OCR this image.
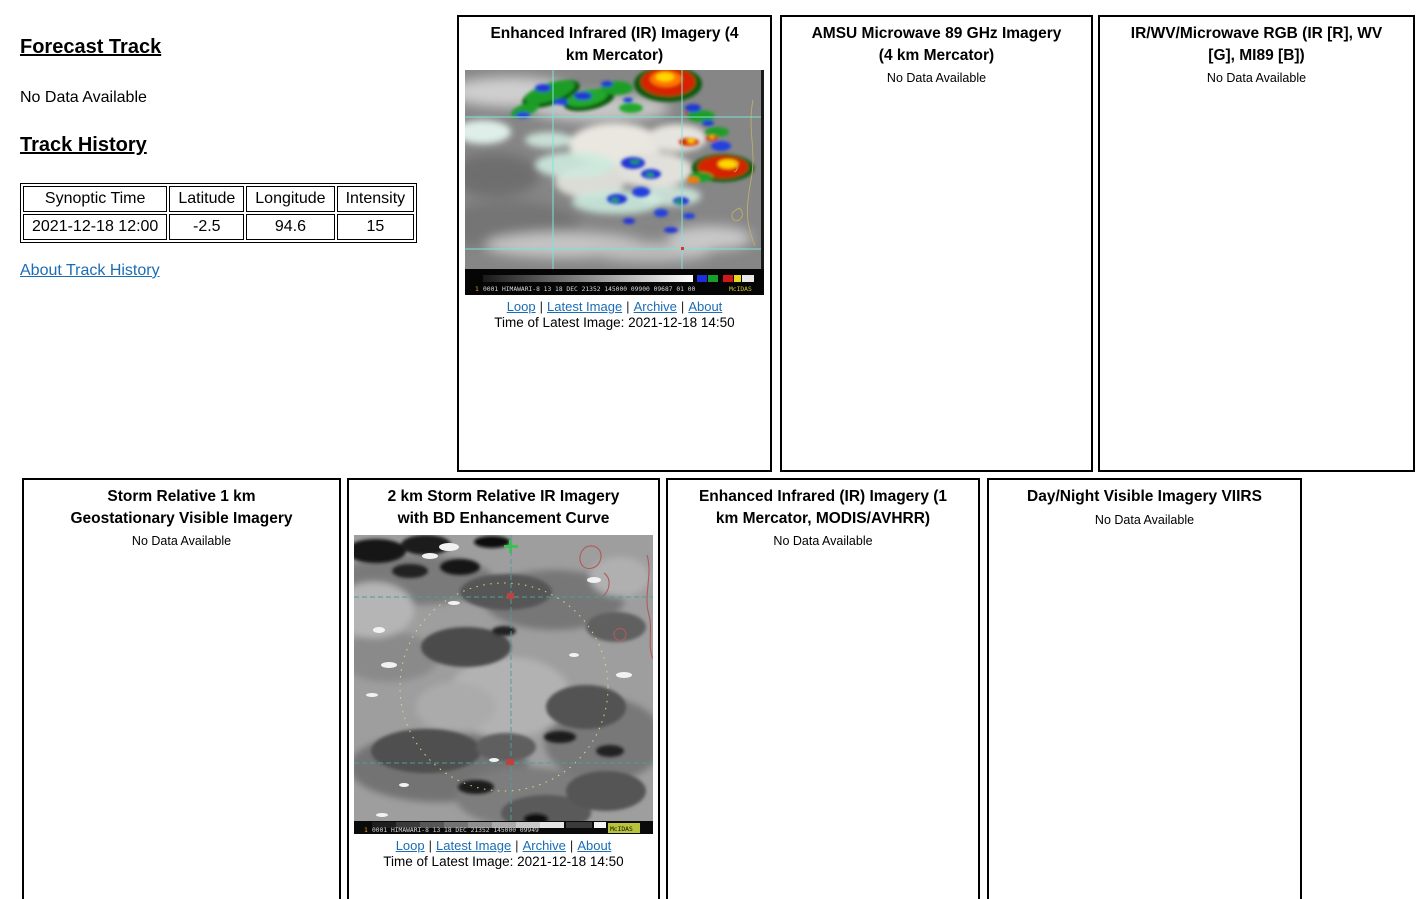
Forecast Track
No Data Available
Track History
Synoptic Time	Latitude	Longitude	Intensity
2021-12-18 12:00	-2.5	94.6	15
About Track History
Enhanced Infrared (IR) Imagery (4
km Mercator)
0
1 0001 HIMAWARI-8 13 18 DEC 21352 145000 09900 09687 01 00	McIDAS
Loop | Latest Image | Archive | About
Time of Latest Image: 2021-12-18 14:50
AMSU Microwave 89 GHz Imagery
(4 km Mercator)
No Data Available
IR/WV/Microwave RGB (IR [R], WV
[G], MI89 [B])
No Data Available
Storm Relative 1 km
Geostationary Visible Imagery
No Data Available
2 km Storm Relative IR Imagery
with BD Enhancement Curve
1 0001 HIMAWARI-8 13 18 DEC 21352 145000 09949	McIDAS
Loop | Latest Image | Archive | About
Time of Latest Image: 2021-12-18 14:50
Enhanced Infrared (IR) Imagery (1
km Mercator, MODIS/AVHRR)
No Data Available
Day/Night Visible Imagery VIIRS
No Data Available
